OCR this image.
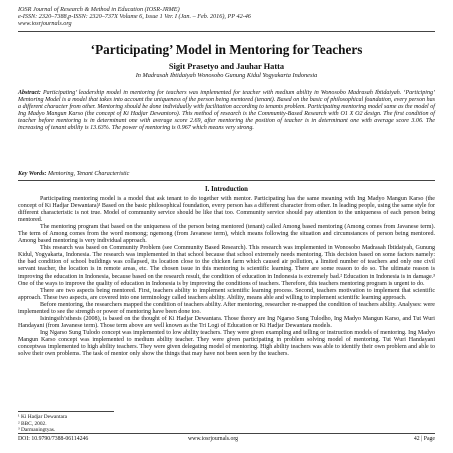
IOSR Journal of Research & Method in Education (IOSR-JRME)
e-ISSN: 2320–7388,p-ISSN: 2320–737X Volume 6, Issue 1 Ver. I (Jan. – Feb. 2016), PP 42-46
www.iosrjournals.org
‘Participating’ Model in Mentoring for Teachers
Sigit Prasetyo and Jauhar Hatta
In Madrasah Ibtidaiyah Wonosobo Gunung Kidul Yogyakarta Indonesia
Abstract: Participating’ leadership model in mentoring for teachers was implemented for teacher with medium ability in Wonosobo Madrasah Ibtidaiyah. ‘Participing’ Mentoring Model is a model that takes into account the uniqueness of the person being mentored (tenant). Based on the basic of philosophical foundation, every person has a different character from other. Mentoring should be done individually with facilitation according to tenants problem. Participating mentoring model same as the model of Ing Madyo Mangun Karso (the concept of Ki Hadjar Dewantoro). This method of research is the Community-Based Research with O1 X O2 design. The first condition of teacher before mentoring is in determinant one with average score 2.69, after mentoring the position of teacher is in determinant one with average score 3.06. The increasing of tenant ability is 13.63%. The power of mentoring is 0.967 which means very strong.
Key Words: Mentoring, Tenant Characteristic
I. Introduction

Participating mentoring model is a model that ask tenant to do together with mentor. Participating has the same meaning with Ing Madyo Mangun Karso (the concept of Ki Hadjar Dewantara)¹ Based on the basic philosophical foundation, every person has a different character from other. In leading people, using the same style for different characteristic is not true. Model of community service should be like that too. Community service should pay attention to the uniqueness of each person being mentored.

The mentoring program that based on the uniqueness of the person being mentored (tenant) called Among based mentoring (Among comes from Javanese term). The term of Among comes from the word momong; ngemong (from Javanese term), which means following the situation and circumstances of person being mentored. Among based mentoring is very individual approach.

This research was based on Community Problem (see Community Based Research). This research was implemented in Wonosobo Madrasah Ibtidaiyah, Gunung Kidul, Yogyakarta, Indonesia. The research was implemented in that school because that school extremely needs mentoring. This decision based on some factors namely: the bad condition of school buildings was collapsed, its location close to the chicken farm which caused air pollution, a limited number of teachers and only one civil servant teacher, the location is in remote areas, etc. The chosen issue in this mentoring is scientific learning. There are some reason to do so. The ultimate reason is improving the education in Indonesia, because based on the research result, the condition of education in Indonesia is extremely bad.² Education in Indonesia is in damage.³ One of the ways to improve the quality of education in Indonesia is by improving the conditions of teachers. Therefore, this teachers mentoring program is urgent to do.

There are two aspects being mentored. First, teachers ability to implement scientific learning process. Second, teachers motivation to implement that scientific approach. These two aspects, are covered into one terminology called teachers ability. Ability, means able and willing to implement scientific learning approach.

Before mentoring, the researchers mapped the condition of teachers ability. After mentoring, researcher re-mapped the condition of teachers ability. Analyses: were implemented to see the strength or power of mentoring have been done too.

Isiningsih’sthesis (2008), is based on the thought of Ki Hadjar Dewantara. Those theory are Ing Ngarso Sung Tulodho, Ing Madyo Mangun Karso, and Tut Wuri Handayani (from Javanese term). Those term above are well known as the Tri Logi of Education or Ki Hadjar Dewantara models.

Ing Ngarso Sung Tulodo concept was implemented to low ability teachers. They were given exampling and telling or instruction models of mentoring. Ing Madyo Mangun Karso concept was implemented to medium ability teacher. They were given participating in problem solving model of mentoring. Tut Wuri Handayani conceptwas implemented to high ability teachers. They were given delegating model of mentoring. High ability teachers was able to identify their own problem and able to solve their own problems. The task of mentor only show the things that may have not been seen by the teachers.

¹ Ki Hadjar Dewantara
² BBC, 2002.
³ Darmaningtyas.
DOI: 10.9790/7388-06114246	www.iosrjournals.org	42 | Page
